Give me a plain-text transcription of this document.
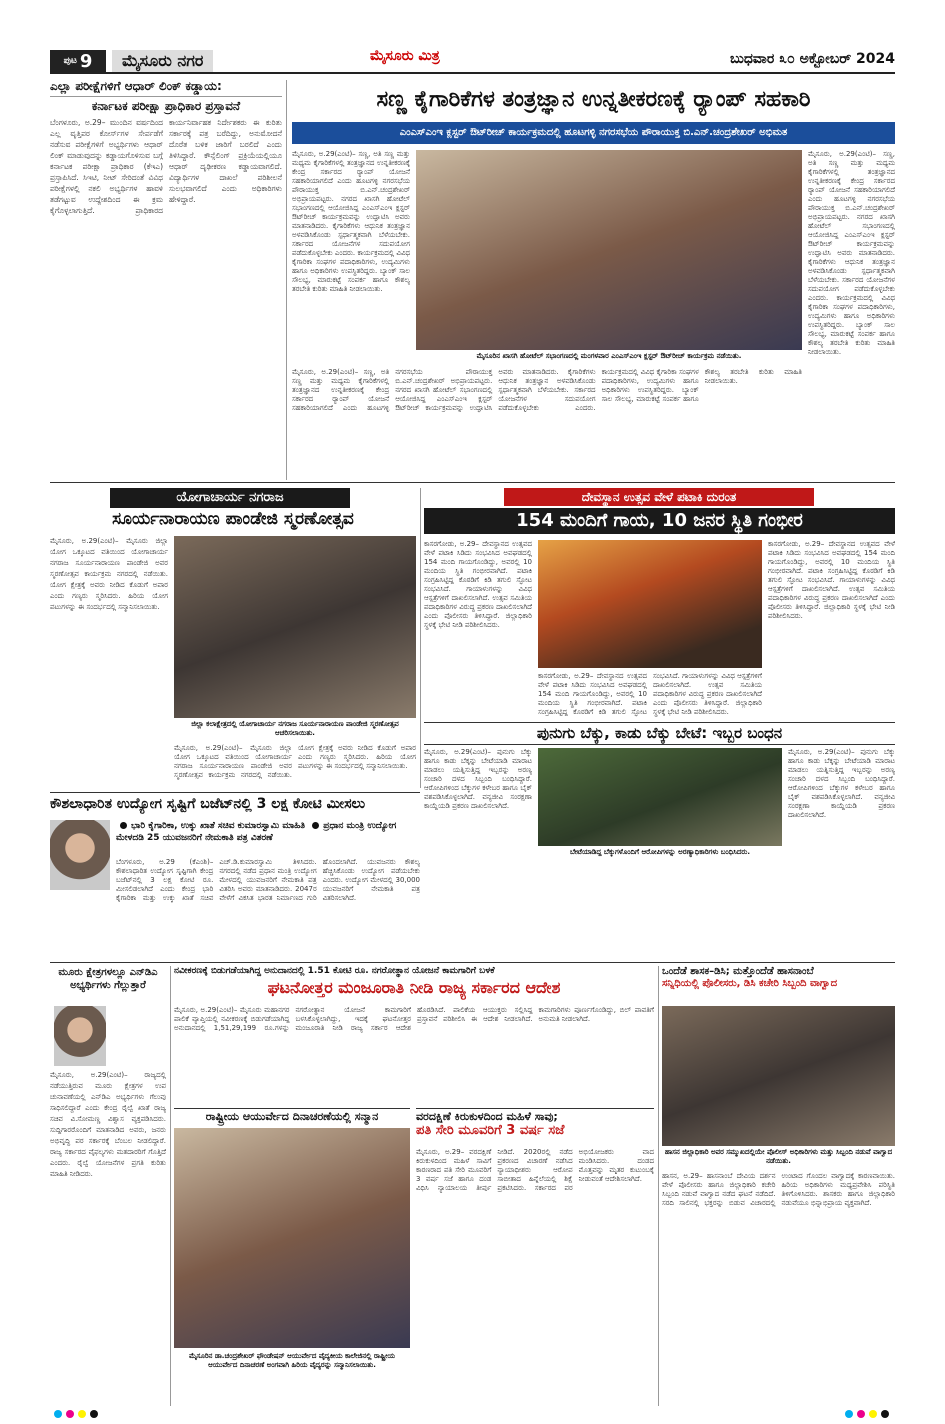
ಪುಟ 9	ಮೈಸೂರು ನಗರ	ಮೈಸೂರು ಮಿತ್ರ	ಬುಧವಾರ ೩೦ ಅಕ್ಟೋಬರ್ 2024
ಎಲ್ಲಾ ಪರೀಕ್ಷೆಗಳಿಗೆ ಆಧಾರ್ ಲಿಂಕ್ ಕಡ್ಡಾಯ:
ಕರ್ನಾಟಕ ಪರೀಕ್ಷಾ ಪ್ರಾಧಿಕಾರ ಪ್ರಸ್ತಾವನೆ
ಬೆಂಗಳೂರು, ಅ.29– ಮುಂದಿನ ವರ್ಷದಿಂದ ಎಲ್ಲ ವೃತ್ತಿಪರ ಕೋರ್ಸ್‌ಗಳ ಸೇರ್ಪಡೆಗೆ ನಡೆಸುವ ಪರೀಕ್ಷೆಗಳಿಗೆ ಅಭ್ಯರ್ಥಿಗಳು ಆಧಾರ್ ಲಿಂಕ್ ಮಾಡುವುದನ್ನು ಕಡ್ಡಾಯಗೊಳಿಸುವ ಬಗ್ಗೆ ಕರ್ನಾಟಕ ಪರೀಕ್ಷಾ ಪ್ರಾಧಿಕಾರ (ಕೆಇಎ) ಪ್ರಸ್ತಾಪಿಸಿದೆ. ಸಿಇಟಿ, ನೀಟ್ ಸೇರಿದಂತೆ ವಿವಿಧ ಪರೀಕ್ಷೆಗಳಲ್ಲಿ ನಕಲಿ ಅಭ್ಯರ್ಥಿಗಳ ಹಾವಳಿ ತಡೆಗಟ್ಟುವ ಉದ್ದೇಶದಿಂದ ಈ ಕ್ರಮ ಕೈಗೊಳ್ಳಲಾಗುತ್ತಿದೆ. ಪ್ರಾಧಿಕಾರದ ಕಾರ್ಯನಿರ್ವಾಹಕ ನಿರ್ದೇಶಕರು ಈ ಕುರಿತು ಸರ್ಕಾರಕ್ಕೆ ಪತ್ರ ಬರೆದಿದ್ದು, ಅನುಮೋದನೆ ದೊರೆತ ಬಳಿಕ ಜಾರಿಗೆ ಬರಲಿದೆ ಎಂದು ತಿಳಿಸಿದ್ದಾರೆ. ಕೌನ್ಸೆಲಿಂಗ್ ಪ್ರಕ್ರಿಯೆಯಲ್ಲಿಯೂ ಆಧಾರ್ ದೃಢೀಕರಣ ಕಡ್ಡಾಯವಾಗಲಿದೆ. ವಿದ್ಯಾರ್ಥಿಗಳ ದಾಖಲೆ ಪರಿಶೀಲನೆ ಸುಲಭವಾಗಲಿದೆ ಎಂದು ಅಧಿಕಾರಿಗಳು ಹೇಳಿದ್ದಾರೆ.
ಸಣ್ಣ ಕೈಗಾರಿಕೆಗಳ ತಂತ್ರಜ್ಞಾನ ಉನ್ನತೀಕರಣಕ್ಕೆ ರ್‍ಯಾಂಪ್ ಸಹಕಾರಿ
ಎಂಎಸ್‌ಎಂಇ ಕ್ಲಸ್ಟರ್ ಔಟ್‌ರೀಚ್ ಕಾರ್ಯಕ್ರಮದಲ್ಲಿ ಹೂಟಗಳ್ಳಿ ನಗರಸಭೆಯ ಪೌರಾಯುಕ್ತ ಬಿ.ಎನ್.ಚಂದ್ರಶೇಖರ್ ಅಭಿಮತ
ಮೈಸೂರು, ಅ.29(ಎಂಟಿ)– ಸಣ್ಣ, ಅತಿ ಸಣ್ಣ ಮತ್ತು ಮಧ್ಯಮ ಕೈಗಾರಿಕೆಗಳಲ್ಲಿ ತಂತ್ರಜ್ಞಾನದ ಉನ್ನತೀಕರಣಕ್ಕೆ ಕೇಂದ್ರ ಸರ್ಕಾರದ ರ್‍ಯಾಂಪ್ ಯೋಜನೆ ಸಹಕಾರಿಯಾಗಲಿದೆ ಎಂದು ಹೂಟಗಳ್ಳಿ ನಗರಸಭೆಯ ಪೌರಾಯುಕ್ತ ಬಿ.ಎನ್.ಚಂದ್ರಶೇಖರ್ ಅಭಿಪ್ರಾಯಪಟ್ಟರು. ನಗರದ ಖಾಸಗಿ ಹೋಟೆಲ್ ಸಭಾಂಗಣದಲ್ಲಿ ಆಯೋಜಿಸಿದ್ದ ಎಂಎಸ್‌ಎಂಇ ಕ್ಲಸ್ಟರ್ ಔಟ್‌ರೀಚ್ ಕಾರ್ಯಕ್ರಮವನ್ನು ಉದ್ಘಾಟಿಸಿ ಅವರು ಮಾತನಾಡಿದರು. ಕೈಗಾರಿಕೆಗಳು ಆಧುನಿಕ ತಂತ್ರಜ್ಞಾನ ಅಳವಡಿಸಿಕೊಂಡು ಸ್ಪರ್ಧಾತ್ಮಕವಾಗಿ ಬೆಳೆಯಬೇಕು. ಸರ್ಕಾರದ ಯೋಜನೆಗಳ ಸದುಪಯೋಗ ಪಡೆದುಕೊಳ್ಳಬೇಕು ಎಂದರು. ಕಾರ್ಯಕ್ರಮದಲ್ಲಿ ವಿವಿಧ ಕೈಗಾರಿಕಾ ಸಂಘಗಳ ಪದಾಧಿಕಾರಿಗಳು, ಉದ್ಯಮಿಗಳು ಹಾಗೂ ಅಧಿಕಾರಿಗಳು ಉಪಸ್ಥಿತರಿದ್ದರು. ಬ್ಯಾಂಕ್ ಸಾಲ ಸೌಲಭ್ಯ, ಮಾರುಕಟ್ಟೆ ಸಂಪರ್ಕ ಹಾಗೂ ಕೌಶಲ್ಯ ತರಬೇತಿ ಕುರಿತು ಮಾಹಿತಿ ನೀಡಲಾಯಿತು.
ಮೈಸೂರಿನ ಖಾಸಗಿ ಹೋಟೆಲ್ ಸಭಾಂಗಣದಲ್ಲಿ ಮಂಗಳವಾರ ಎಂಎಸ್‌ಎಂಇ ಕ್ಲಸ್ಟರ್ ಔಟ್‌ರೀಚ್ ಕಾರ್ಯಕ್ರಮ ನಡೆಯಿತು.
ಮೈಸೂರು, ಅ.29(ಎಂಟಿ)– ಸಣ್ಣ, ಅತಿ ಸಣ್ಣ ಮತ್ತು ಮಧ್ಯಮ ಕೈಗಾರಿಕೆಗಳಲ್ಲಿ ತಂತ್ರಜ್ಞಾನದ ಉನ್ನತೀಕರಣಕ್ಕೆ ಕೇಂದ್ರ ಸರ್ಕಾರದ ರ್‍ಯಾಂಪ್ ಯೋಜನೆ ಸಹಕಾರಿಯಾಗಲಿದೆ ಎಂದು ಹೂಟಗಳ್ಳಿ ನಗರಸಭೆಯ ಪೌರಾಯುಕ್ತ ಬಿ.ಎನ್.ಚಂದ್ರಶೇಖರ್ ಅಭಿಪ್ರಾಯಪಟ್ಟರು. ನಗರದ ಖಾಸಗಿ ಹೋಟೆಲ್ ಸಭಾಂಗಣದಲ್ಲಿ ಆಯೋಜಿಸಿದ್ದ ಎಂಎಸ್‌ಎಂಇ ಕ್ಲಸ್ಟರ್ ಔಟ್‌ರೀಚ್ ಕಾರ್ಯಕ್ರಮವನ್ನು ಉದ್ಘಾಟಿಸಿ ಅವರು ಮಾತನಾಡಿದರು. ಕೈಗಾರಿಕೆಗಳು ಆಧುನಿಕ ತಂತ್ರಜ್ಞಾನ ಅಳವಡಿಸಿಕೊಂಡು ಸ್ಪರ್ಧಾತ್ಮಕವಾಗಿ ಬೆಳೆಯಬೇಕು. ಸರ್ಕಾರದ ಯೋಜನೆಗಳ ಸದುಪಯೋಗ ಪಡೆದುಕೊಳ್ಳಬೇಕು ಎಂದರು. ಕಾರ್ಯಕ್ರಮದಲ್ಲಿ ವಿವಿಧ ಕೈಗಾರಿಕಾ ಸಂಘಗಳ ಪದಾಧಿಕಾರಿಗಳು, ಉದ್ಯಮಿಗಳು ಹಾಗೂ ಅಧಿಕಾರಿಗಳು ಉಪಸ್ಥಿತರಿದ್ದರು. ಬ್ಯಾಂಕ್ ಸಾಲ ಸೌಲಭ್ಯ, ಮಾರುಕಟ್ಟೆ ಸಂಪರ್ಕ ಹಾಗೂ ಕೌಶಲ್ಯ ತರಬೇತಿ ಕುರಿತು ಮಾಹಿತಿ ನೀಡಲಾಯಿತು.
ಮೈಸೂರು, ಅ.29(ಎಂಟಿ)– ಸಣ್ಣ, ಅತಿ ಸಣ್ಣ ಮತ್ತು ಮಧ್ಯಮ ಕೈಗಾರಿಕೆಗಳಲ್ಲಿ ತಂತ್ರಜ್ಞಾನದ ಉನ್ನತೀಕರಣಕ್ಕೆ ಕೇಂದ್ರ ಸರ್ಕಾರದ ರ್‍ಯಾಂಪ್ ಯೋಜನೆ ಸಹಕಾರಿಯಾಗಲಿದೆ ಎಂದು ಹೂಟಗಳ್ಳಿ ನಗರಸಭೆಯ ಪೌರಾಯುಕ್ತ ಬಿ.ಎನ್.ಚಂದ್ರಶೇಖರ್ ಅಭಿಪ್ರಾಯಪಟ್ಟರು. ನಗರದ ಖಾಸಗಿ ಹೋಟೆಲ್ ಸಭಾಂಗಣದಲ್ಲಿ ಆಯೋಜಿಸಿದ್ದ ಎಂಎಸ್‌ಎಂಇ ಕ್ಲಸ್ಟರ್ ಔಟ್‌ರೀಚ್ ಕಾರ್ಯಕ್ರಮವನ್ನು ಉದ್ಘಾಟಿಸಿ ಅವರು ಮಾತನಾಡಿದರು. ಕೈಗಾರಿಕೆಗಳು ಆಧುನಿಕ ತಂತ್ರಜ್ಞಾನ ಅಳವಡಿಸಿಕೊಂಡು ಸ್ಪರ್ಧಾತ್ಮಕವಾಗಿ ಬೆಳೆಯಬೇಕು. ಸರ್ಕಾರದ ಯೋಜನೆಗಳ ಸದುಪಯೋಗ ಪಡೆದುಕೊಳ್ಳಬೇಕು ಎಂದರು. ಕಾರ್ಯಕ್ರಮದಲ್ಲಿ ವಿವಿಧ ಕೈಗಾರಿಕಾ ಸಂಘಗಳ ಪದಾಧಿಕಾರಿಗಳು, ಉದ್ಯಮಿಗಳು ಹಾಗೂ ಅಧಿಕಾರಿಗಳು ಉಪಸ್ಥಿತರಿದ್ದರು. ಬ್ಯಾಂಕ್ ಸಾಲ ಸೌಲಭ್ಯ, ಮಾರುಕಟ್ಟೆ ಸಂಪರ್ಕ ಹಾಗೂ ಕೌಶಲ್ಯ ತರಬೇತಿ ಕುರಿತು ಮಾಹಿತಿ ನೀಡಲಾಯಿತು.
ಯೋಗಾಚಾರ್ಯ ನಗರಾಜ
ಸೂರ್ಯನಾರಾಯಣ ಪಾಂಡೇಜಿ ಸ್ಮರಣೋತ್ಸವ
ಮೈಸೂರು, ಅ.29(ಎಂಟಿ)– ಮೈಸೂರು ಜಿಲ್ಲಾ ಯೋಗ ಒಕ್ಕೂಟದ ವತಿಯಿಂದ ಯೋಗಾಚಾರ್ಯ ನಗರಾಜ ಸೂರ್ಯನಾರಾಯಣ ಪಾಂಡೇಜಿ ಅವರ ಸ್ಮರಣೋತ್ಸವ ಕಾರ್ಯಕ್ರಮ ನಗರದಲ್ಲಿ ನಡೆಯಿತು. ಯೋಗ ಕ್ಷೇತ್ರಕ್ಕೆ ಅವರು ನೀಡಿದ ಕೊಡುಗೆ ಅಪಾರ ಎಂದು ಗಣ್ಯರು ಸ್ಮರಿಸಿದರು. ಹಿರಿಯ ಯೋಗ ಪಟುಗಳನ್ನು ಈ ಸಂದರ್ಭದಲ್ಲಿ ಸನ್ಮಾನಿಸಲಾಯಿತು.
ಜಿಲ್ಲಾ ಕಲಾಕ್ಷೇತ್ರದಲ್ಲಿ ಯೋಗಾಚಾರ್ಯ ನಗರಾಜ ಸೂರ್ಯನಾರಾಯಣ ಪಾಂಡೇಜಿ ಸ್ಮರಣೋತ್ಸವ ಆಚರಿಸಲಾಯಿತು.
ಮೈಸೂರು, ಅ.29(ಎಂಟಿ)– ಮೈಸೂರು ಜಿಲ್ಲಾ ಯೋಗ ಒಕ್ಕೂಟದ ವತಿಯಿಂದ ಯೋಗಾಚಾರ್ಯ ನಗರಾಜ ಸೂರ್ಯನಾರಾಯಣ ಪಾಂಡೇಜಿ ಅವರ ಸ್ಮರಣೋತ್ಸವ ಕಾರ್ಯಕ್ರಮ ನಗರದಲ್ಲಿ ನಡೆಯಿತು. ಯೋಗ ಕ್ಷೇತ್ರಕ್ಕೆ ಅವರು ನೀಡಿದ ಕೊಡುಗೆ ಅಪಾರ ಎಂದು ಗಣ್ಯರು ಸ್ಮರಿಸಿದರು. ಹಿರಿಯ ಯೋಗ ಪಟುಗಳನ್ನು ಈ ಸಂದರ್ಭದಲ್ಲಿ ಸನ್ಮಾನಿಸಲಾಯಿತು.
ದೇವಸ್ಥಾನ ಉತ್ಸವ ವೇಳೆ ಪಟಾಕಿ ದುರಂತ
154 ಮಂದಿಗೆ ಗಾಯ, 10 ಜನರ ಸ್ಥಿತಿ ಗಂಭೀರ
ಕಾಸರಗೋಡು, ಅ.29– ದೇವಸ್ಥಾನದ ಉತ್ಸವದ ವೇಳೆ ಪಟಾಕಿ ಸಿಡಿದು ಸಂಭವಿಸಿದ ಅವಘಡದಲ್ಲಿ 154 ಮಂದಿ ಗಾಯಗೊಂಡಿದ್ದು, ಅವರಲ್ಲಿ 10 ಮಂದಿಯ ಸ್ಥಿತಿ ಗಂಭೀರವಾಗಿದೆ. ಪಟಾಕಿ ಸಂಗ್ರಹಿಸಿಟ್ಟಿದ್ದ ಕೊಠಡಿಗೆ ಕಿಡಿ ತಗುಲಿ ಸ್ಫೋಟ ಸಂಭವಿಸಿದೆ. ಗಾಯಾಳುಗಳನ್ನು ವಿವಿಧ ಆಸ್ಪತ್ರೆಗಳಿಗೆ ದಾಖಲಿಸಲಾಗಿದೆ. ಉತ್ಸವ ಸಮಿತಿಯ ಪದಾಧಿಕಾರಿಗಳ ವಿರುದ್ಧ ಪ್ರಕರಣ ದಾಖಲಿಸಲಾಗಿದೆ ಎಂದು ಪೊಲೀಸರು ತಿಳಿಸಿದ್ದಾರೆ. ಜಿಲ್ಲಾಧಿಕಾರಿ ಸ್ಥಳಕ್ಕೆ ಭೇಟಿ ನೀಡಿ ಪರಿಶೀಲಿಸಿದರು.
ಕಾಸರಗೋಡು, ಅ.29– ದೇವಸ್ಥಾನದ ಉತ್ಸವದ ವೇಳೆ ಪಟಾಕಿ ಸಿಡಿದು ಸಂಭವಿಸಿದ ಅವಘಡದಲ್ಲಿ 154 ಮಂದಿ ಗಾಯಗೊಂಡಿದ್ದು, ಅವರಲ್ಲಿ 10 ಮಂದಿಯ ಸ್ಥಿತಿ ಗಂಭೀರವಾಗಿದೆ. ಪಟಾಕಿ ಸಂಗ್ರಹಿಸಿಟ್ಟಿದ್ದ ಕೊಠಡಿಗೆ ಕಿಡಿ ತಗುಲಿ ಸ್ಫೋಟ ಸಂಭವಿಸಿದೆ. ಗಾಯಾಳುಗಳನ್ನು ವಿವಿಧ ಆಸ್ಪತ್ರೆಗಳಿಗೆ ದಾಖಲಿಸಲಾಗಿದೆ. ಉತ್ಸವ ಸಮಿತಿಯ ಪದಾಧಿಕಾರಿಗಳ ವಿರುದ್ಧ ಪ್ರಕರಣ ದಾಖಲಿಸಲಾಗಿದೆ ಎಂದು ಪೊಲೀಸರು ತಿಳಿಸಿದ್ದಾರೆ. ಜಿಲ್ಲಾಧಿಕಾರಿ ಸ್ಥಳಕ್ಕೆ ಭೇಟಿ ನೀಡಿ ಪರಿಶೀಲಿಸಿದರು.
ಕಾಸರಗೋಡು, ಅ.29– ದೇವಸ್ಥಾನದ ಉತ್ಸವದ ವೇಳೆ ಪಟಾಕಿ ಸಿಡಿದು ಸಂಭವಿಸಿದ ಅವಘಡದಲ್ಲಿ 154 ಮಂದಿ ಗಾಯಗೊಂಡಿದ್ದು, ಅವರಲ್ಲಿ 10 ಮಂದಿಯ ಸ್ಥಿತಿ ಗಂಭೀರವಾಗಿದೆ. ಪಟಾಕಿ ಸಂಗ್ರಹಿಸಿಟ್ಟಿದ್ದ ಕೊಠಡಿಗೆ ಕಿಡಿ ತಗುಲಿ ಸ್ಫೋಟ ಸಂಭವಿಸಿದೆ. ಗಾಯಾಳುಗಳನ್ನು ವಿವಿಧ ಆಸ್ಪತ್ರೆಗಳಿಗೆ ದಾಖಲಿಸಲಾಗಿದೆ. ಉತ್ಸವ ಸಮಿತಿಯ ಪದಾಧಿಕಾರಿಗಳ ವಿರುದ್ಧ ಪ್ರಕರಣ ದಾಖಲಿಸಲಾಗಿದೆ ಎಂದು ಪೊಲೀಸರು ತಿಳಿಸಿದ್ದಾರೆ. ಜಿಲ್ಲಾಧಿಕಾರಿ ಸ್ಥಳಕ್ಕೆ ಭೇಟಿ ನೀಡಿ ಪರಿಶೀಲಿಸಿದರು.
ಪುನುಗು ಬೆಕ್ಕು, ಕಾಡು ಬೆಕ್ಕು ಬೇಟೆ: ಇಬ್ಬರ ಬಂಧನ
ಮೈಸೂರು, ಅ.29(ಎಂಟಿ)– ಪುನುಗು ಬೆಕ್ಕು ಹಾಗೂ ಕಾಡು ಬೆಕ್ಕನ್ನು ಬೇಟೆಯಾಡಿ ಮಾರಾಟ ಮಾಡಲು ಯತ್ನಿಸುತ್ತಿದ್ದ ಇಬ್ಬರನ್ನು ಅರಣ್ಯ ಸಂಚಾರಿ ದಳದ ಸಿಬ್ಬಂದಿ ಬಂಧಿಸಿದ್ದಾರೆ. ಆರೋಪಿಗಳಿಂದ ಬೆಕ್ಕುಗಳ ಕಳೇಬರ ಹಾಗೂ ಬೈಕ್ ವಶಪಡಿಸಿಕೊಳ್ಳಲಾಗಿದೆ. ವನ್ಯಜೀವಿ ಸಂರಕ್ಷಣಾ ಕಾಯ್ದೆಯಡಿ ಪ್ರಕರಣ ದಾಖಲಿಸಲಾಗಿದೆ.
ಬೇಟೆಯಾಡಿದ್ದ ಬೆಕ್ಕುಗಳೊಂದಿಗೆ ಆರೋಪಿಗಳನ್ನು ಅರಣ್ಯಾಧಿಕಾರಿಗಳು ಬಂಧಿಸಿದರು.
ಮೈಸೂರು, ಅ.29(ಎಂಟಿ)– ಪುನುಗು ಬೆಕ್ಕು ಹಾಗೂ ಕಾಡು ಬೆಕ್ಕನ್ನು ಬೇಟೆಯಾಡಿ ಮಾರಾಟ ಮಾಡಲು ಯತ್ನಿಸುತ್ತಿದ್ದ ಇಬ್ಬರನ್ನು ಅರಣ್ಯ ಸಂಚಾರಿ ದಳದ ಸಿಬ್ಬಂದಿ ಬಂಧಿಸಿದ್ದಾರೆ. ಆರೋಪಿಗಳಿಂದ ಬೆಕ್ಕುಗಳ ಕಳೇಬರ ಹಾಗೂ ಬೈಕ್ ವಶಪಡಿಸಿಕೊಳ್ಳಲಾಗಿದೆ. ವನ್ಯಜೀವಿ ಸಂರಕ್ಷಣಾ ಕಾಯ್ದೆಯಡಿ ಪ್ರಕರಣ ದಾಖಲಿಸಲಾಗಿದೆ.
ಕೌಶಲಾಧಾರಿತ ಉದ್ಯೋಗ ಸೃಷ್ಟಿಗೆ ಬಜೆಟ್‌ನಲ್ಲಿ 3 ಲಕ್ಷ ಕೋಟಿ ಮೀಸಲು
ಭಾರಿ ಕೈಗಾರಿಕಾ, ಉಕ್ಕು ಖಾತೆ ಸಚಿವ ಕುಮಾರಸ್ವಾಮಿ ಮಾಹಿತಿ ಪ್ರಧಾನ ಮಂತ್ರಿ ಉದ್ಯೋಗ ಮೇಳದಡಿ 25 ಯುವಜನರಿಗೆ ನೇಮಕಾತಿ ಪತ್ರ ವಿತರಣೆ
ಬೆಂಗಳೂರು, ಅ.29 (ಕೆಎಂಶಿ)– ಕೌಶಲಾಧಾರಿತ ಉದ್ಯೋಗ ಸೃಷ್ಟಿಗಾಗಿ ಕೇಂದ್ರ ಬಜೆಟ್‌ನಲ್ಲಿ 3 ಲಕ್ಷ ಕೋಟಿ ರೂ. ಮೀಸಲಿಡಲಾಗಿದೆ ಎಂದು ಕೇಂದ್ರ ಭಾರಿ ಕೈಗಾರಿಕಾ ಮತ್ತು ಉಕ್ಕು ಖಾತೆ ಸಚಿವ ಎಚ್.ಡಿ.ಕುಮಾರಸ್ವಾಮಿ ತಿಳಿಸಿದರು. ನಗರದಲ್ಲಿ ನಡೆದ ಪ್ರಧಾನ ಮಂತ್ರಿ ಉದ್ಯೋಗ ಮೇಳದಲ್ಲಿ ಯುವಜನರಿಗೆ ನೇಮಕಾತಿ ಪತ್ರ ವಿತರಿಸಿ ಅವರು ಮಾತನಾಡಿದರು. 2047ರ ವೇಳೆಗೆ ವಿಕಸಿತ ಭಾರತ ನಿರ್ಮಾಣದ ಗುರಿ ಹೊಂದಲಾಗಿದೆ. ಯುವಜನರು ಕೌಶಲ್ಯ ಹೆಚ್ಚಿಸಿಕೊಂಡು ಉದ್ಯೋಗ ಪಡೆಯಬೇಕು ಎಂದರು. ಉದ್ಯೋಗ ಮೇಳದಲ್ಲಿ 30,000 ಯುವಜನರಿಗೆ ನೇಮಕಾತಿ ಪತ್ರ ವಿತರಿಸಲಾಗಿದೆ.
ಮೂರು ಕ್ಷೇತ್ರಗಳಲ್ಲೂ ಎನ್‌ಡಿಎ ಅಭ್ಯರ್ಥಿಗಳು ಗೆಲ್ಲುತ್ತಾರೆ
ಮೈಸೂರು, ಅ.29(ಎಂಟಿ)– ರಾಜ್ಯದಲ್ಲಿ ನಡೆಯುತ್ತಿರುವ ಮೂರು ಕ್ಷೇತ್ರಗಳ ಉಪ ಚುನಾವಣೆಯಲ್ಲಿ ಎನ್‌ಡಿಎ ಅಭ್ಯರ್ಥಿಗಳು ಗೆಲುವು ಸಾಧಿಸಲಿದ್ದಾರೆ ಎಂದು ಕೇಂದ್ರ ರೈಲ್ವೆ ಖಾತೆ ರಾಜ್ಯ ಸಚಿವ ವಿ.ಸೋಮಣ್ಣ ವಿಶ್ವಾಸ ವ್ಯಕ್ತಪಡಿಸಿದರು. ಸುದ್ದಿಗಾರರೊಂದಿಗೆ ಮಾತನಾಡಿದ ಅವರು, ಜನರು ಅಭಿವೃದ್ಧಿ ಪರ ಸರ್ಕಾರಕ್ಕೆ ಬೆಂಬಲ ನೀಡಲಿದ್ದಾರೆ. ರಾಜ್ಯ ಸರ್ಕಾರದ ವೈಫಲ್ಯಗಳು ಮತದಾರರಿಗೆ ಗೊತ್ತಿದೆ ಎಂದರು. ರೈಲ್ವೆ ಯೋಜನೆಗಳ ಪ್ರಗತಿ ಕುರಿತು ಮಾಹಿತಿ ನೀಡಿದರು.
ನವೀಕರಣಕ್ಕೆ ಬಿಡುಗಡೆಯಾಗಿದ್ದ ಅನುದಾನದಲ್ಲಿ 1.51 ಕೋಟಿ ರೂ. ನಗರೋತ್ಥಾನ ಯೋಜನೆ ಕಾಮಗಾರಿಗೆ ಬಳಕೆ
ಘಟನೋತ್ತರ ಮಂಜೂರಾತಿ ನೀಡಿ ರಾಜ್ಯ ಸರ್ಕಾರದ ಆದೇಶ
ಮೈಸೂರು, ಅ.29(ಎಂಟಿ)– ಮೈಸೂರು ಮಹಾನಗರ ಪಾಲಿಕೆ ವ್ಯಾಪ್ತಿಯಲ್ಲಿ ನವೀಕರಣಕ್ಕೆ ಬಿಡುಗಡೆಯಾಗಿದ್ದ ಅನುದಾನದಲ್ಲಿ 1,51,29,199 ರೂ.ಗಳನ್ನು ನಗರೋತ್ಥಾನ ಯೋಜನೆ ಕಾಮಗಾರಿಗೆ ಬಳಸಿಕೊಳ್ಳಲಾಗಿದ್ದು, ಇದಕ್ಕೆ ಘಟನೋತ್ತರ ಮಂಜೂರಾತಿ ನೀಡಿ ರಾಜ್ಯ ಸರ್ಕಾರ ಆದೇಶ ಹೊರಡಿಸಿದೆ. ಪಾಲಿಕೆಯ ಆಯುಕ್ತರು ಸಲ್ಲಿಸಿದ್ದ ಪ್ರಸ್ತಾವನೆ ಪರಿಶೀಲಿಸಿ ಈ ಆದೇಶ ನೀಡಲಾಗಿದೆ. ಕಾಮಗಾರಿಗಳು ಪೂರ್ಣಗೊಂಡಿದ್ದು, ಬಿಲ್ ಪಾವತಿಗೆ ಅನುಮತಿ ನೀಡಲಾಗಿದೆ.
ರಾಷ್ಟ್ರೀಯ ಆಯುರ್ವೇದ ದಿನಾಚರಣೆಯಲ್ಲಿ ಸನ್ಮಾನ
ಮೈಸೂರಿನ ಡಾ.ಚಂದ್ರಶೇಖರ್ ಫೌಂಡೇಷನ್ ಆಯುರ್ವೇದ ವೈದ್ಯಕೀಯ ಕಾಲೇಜಿನಲ್ಲಿ ರಾಷ್ಟ್ರೀಯ ಆಯುರ್ವೇದ ದಿನಾಚರಣೆ ಅಂಗವಾಗಿ ಹಿರಿಯ ವೈದ್ಯರನ್ನು ಸನ್ಮಾನಿಸಲಾಯಿತು.
ವರದಕ್ಷಿಣೆ ಕಿರುಕುಳದಿಂದ ಮಹಿಳೆ ಸಾವು;
ಪತಿ ಸೇರಿ ಮೂವರಿಗೆ 3 ವರ್ಷ ಸಜೆ
ಮೈಸೂರು, ಅ.29– ವರದಕ್ಷಿಣೆ ಕಿರುಕುಳದಿಂದ ಮಹಿಳೆ ಸಾವಿಗೆ ಕಾರಣರಾದ ಪತಿ ಸೇರಿ ಮೂವರಿಗೆ 3 ವರ್ಷ ಸಜೆ ಹಾಗೂ ದಂಡ ವಿಧಿಸಿ ನ್ಯಾಯಾಲಯ ತೀರ್ಪು ನೀಡಿದೆ. 2020ರಲ್ಲಿ ನಡೆದ ಪ್ರಕರಣದ ವಿಚಾರಣೆ ನಡೆಸಿದ ನ್ಯಾಯಾಧೀಶರು ಆರೋಪ ಸಾಬೀತಾದ ಹಿನ್ನೆಲೆಯಲ್ಲಿ ಶಿಕ್ಷೆ ಪ್ರಕಟಿಸಿದರು. ಸರ್ಕಾರದ ಪರ ಅಭಿಯೋಜಕರು ವಾದ ಮಂಡಿಸಿದರು. ದಂಡದ ಮೊತ್ತವನ್ನು ಮೃತರ ಕುಟುಂಬಕ್ಕೆ ನೀಡುವಂತೆ ಆದೇಶಿಸಲಾಗಿದೆ.
ಒಂದೆಡೆ ಶಾಸಕ–ಡಿಸಿ; ಮತ್ತೊಂದೆಡೆ ಹಾಸನಾಂಬೆ
ಸನ್ನಿಧಿಯಲ್ಲಿ ಪೊಲೀಸರು, ಡಿಸಿ ಕಚೇರಿ ಸಿಬ್ಬಂದಿ ವಾಗ್ವಾದ
ಹಾಸನ ಜಿಲ್ಲಾಧಿಕಾರಿ ಅವರ ಸಮ್ಮುಖದಲ್ಲಿಯೇ ಪೊಲೀಸ್ ಅಧಿಕಾರಿಗಳು ಮತ್ತು ಸಿಬ್ಬಂದಿ ನಡುವೆ ವಾಗ್ವಾದ ನಡೆಯಿತು.
ಹಾಸನ, ಅ.29– ಹಾಸನಾಂಬೆ ದೇವಿಯ ದರ್ಶನ ವೇಳೆ ಪೊಲೀಸರು ಹಾಗೂ ಜಿಲ್ಲಾಧಿಕಾರಿ ಕಚೇರಿ ಸಿಬ್ಬಂದಿ ನಡುವೆ ವಾಗ್ವಾದ ನಡೆದ ಘಟನೆ ನಡೆದಿದೆ. ಸರದಿ ಸಾಲಿನಲ್ಲಿ ಭಕ್ತರನ್ನು ಬಿಡುವ ವಿಚಾರದಲ್ಲಿ ಉಂಟಾದ ಗೊಂದಲ ವಾಗ್ವಾದಕ್ಕೆ ಕಾರಣವಾಯಿತು. ಹಿರಿಯ ಅಧಿಕಾರಿಗಳು ಮಧ್ಯಪ್ರವೇಶಿಸಿ ಪರಿಸ್ಥಿತಿ ತಿಳಿಗೊಳಿಸಿದರು. ಶಾಸಕರು ಹಾಗೂ ಜಿಲ್ಲಾಧಿಕಾರಿ ನಡುವೆಯೂ ಭಿನ್ನಾಭಿಪ್ರಾಯ ವ್ಯಕ್ತವಾಗಿದೆ.
